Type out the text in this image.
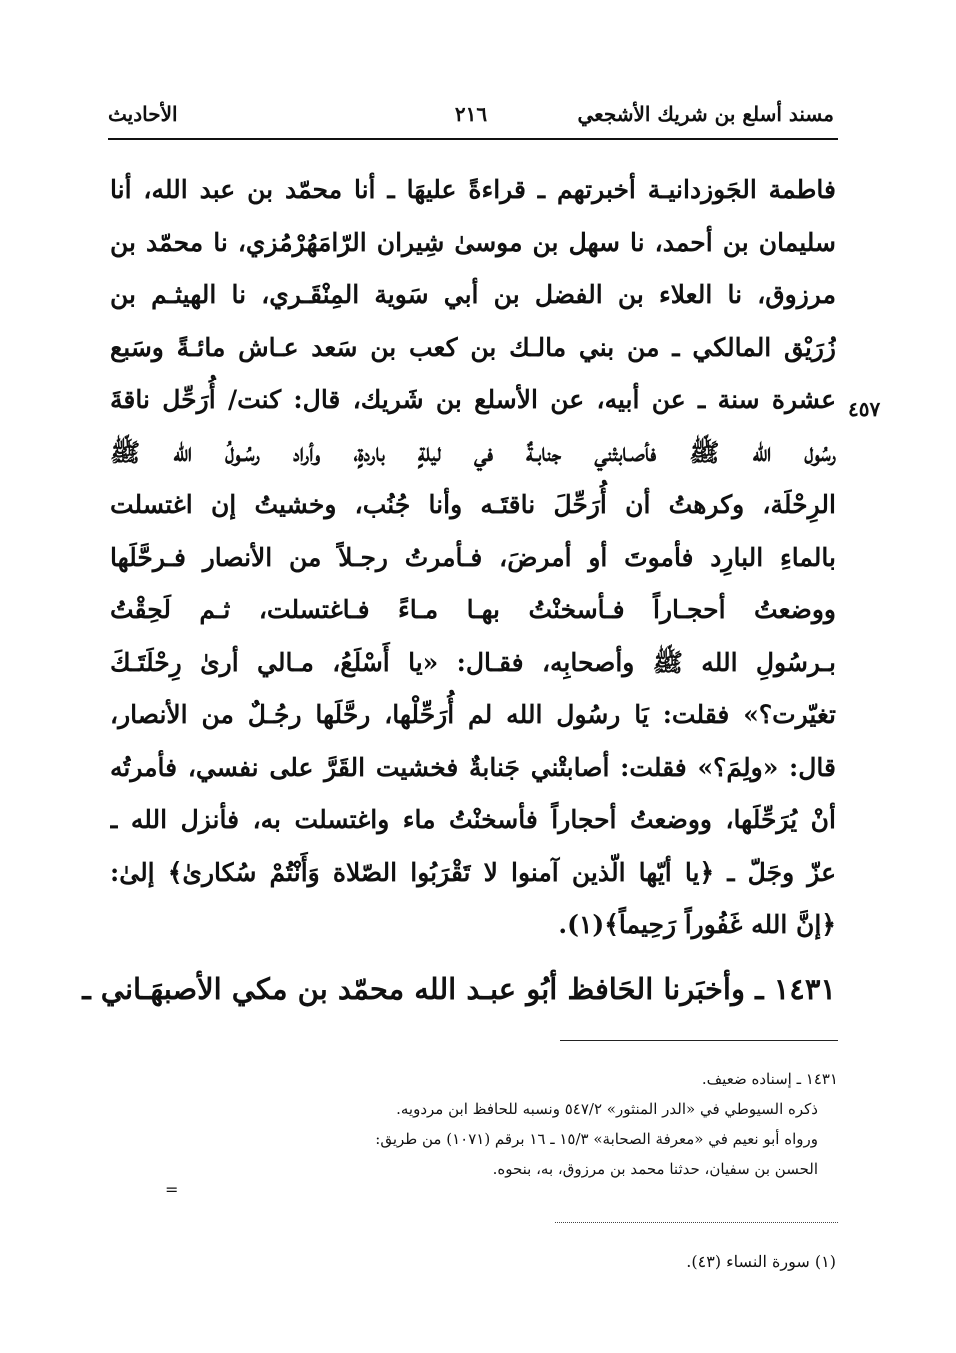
مسند أسلع بن شريك الأشجعي
٢١٦
الأحاديث
٤٥٧
فاطمة الجَوزدانيـة أخبرتهم ـ قراءةً عليهَا ـ أنا محمّد بن عبد الله، أنا
سليمان بن أحمد، نا سهل بن موسىٰ شِيران الرّامَهُرْمُزي، نا محمّد بن
مرزوق، نا العلاء بن الفضل بن أبي سَوية المِنْقَـري، نا الهيثـم بن
زُرَيْق المالكي ـ من بني مالـك بن كعب بن سَعد عـاش مائـةً وسَبع
عشرة سنة ـ عن أبيه، عن الأسلع بن شَريك، قال: كنت/ أُرَحِّل ناقةَ
رسُول الله ﷺ فأصـابتْني جنابـةٌ في ليلةٍ باردةٍ، وأراد رسُـولُ الله ﷺ
الرِحْلَة، وكرهتُ أن أُرَحِّلَ ناقتَـه وأنا جُنُب، وخشيتُ إن اغتسلت
بالماءِ البارِد فأموتَ أو أمرضَ، فـأمرتُ رجـلاً من الأنصار فـرحَّلَها
ووضعتُ أحجـاراً فـأسخنْتُ بهـا مـاءً فـاغتسلت، ثـم لَحِقْتُ
بـرسُولِ الله ﷺ وأصحابِه، فقـال: «يا أَسْلَعُ، مـالي أرىٰ رِحْلَتَـكَ
تغيّرت؟» فقلت: يَا رسُول الله لم أُرَحِّلْها، رحَّلَها رجُـلٌ من الأنصار،
قال: «ولِمَ؟» فقلت: أصابتْني جَنابةٌ فخشيت القَرَّ على نفسي، فأمرتُه
أنْ يُرَحِّلَها، ووضعتُ أحجاراً فأسخنْتُ ماء واغتسلت به، فأنزل الله ـ
عزّ وجَلّ ـ ﴿يا أيّها الّذين آمنوا لا تَقْرَبُوا الصّلاة وَأَنْتُمْ سُكارىٰ﴾ إلىٰ:
﴿إنَّ الله غَفُوراً رَحِيماً﴾(١).
١٤٣١ ـ وأخبَرنا الحَافظ أبُو عبـد الله محمّد بن مكي الأصبهَـاني ـ
١٤٣١ ـ إسناده ضعيف.
ذكره السيوطي في «الدر المنثور» ٥٤٧/٢ ونسبه للحافظ ابن مردويه.
ورواه أبو نعيم في «معرفة الصحابة» ١٥/٣ ـ ١٦ برقم (١٠٧١) من طريق:
الحسن بن سفيان، حدثنا محمد بن مرزوق، به، بنحوه.
=
(١) سورة النساء (٤٣).
